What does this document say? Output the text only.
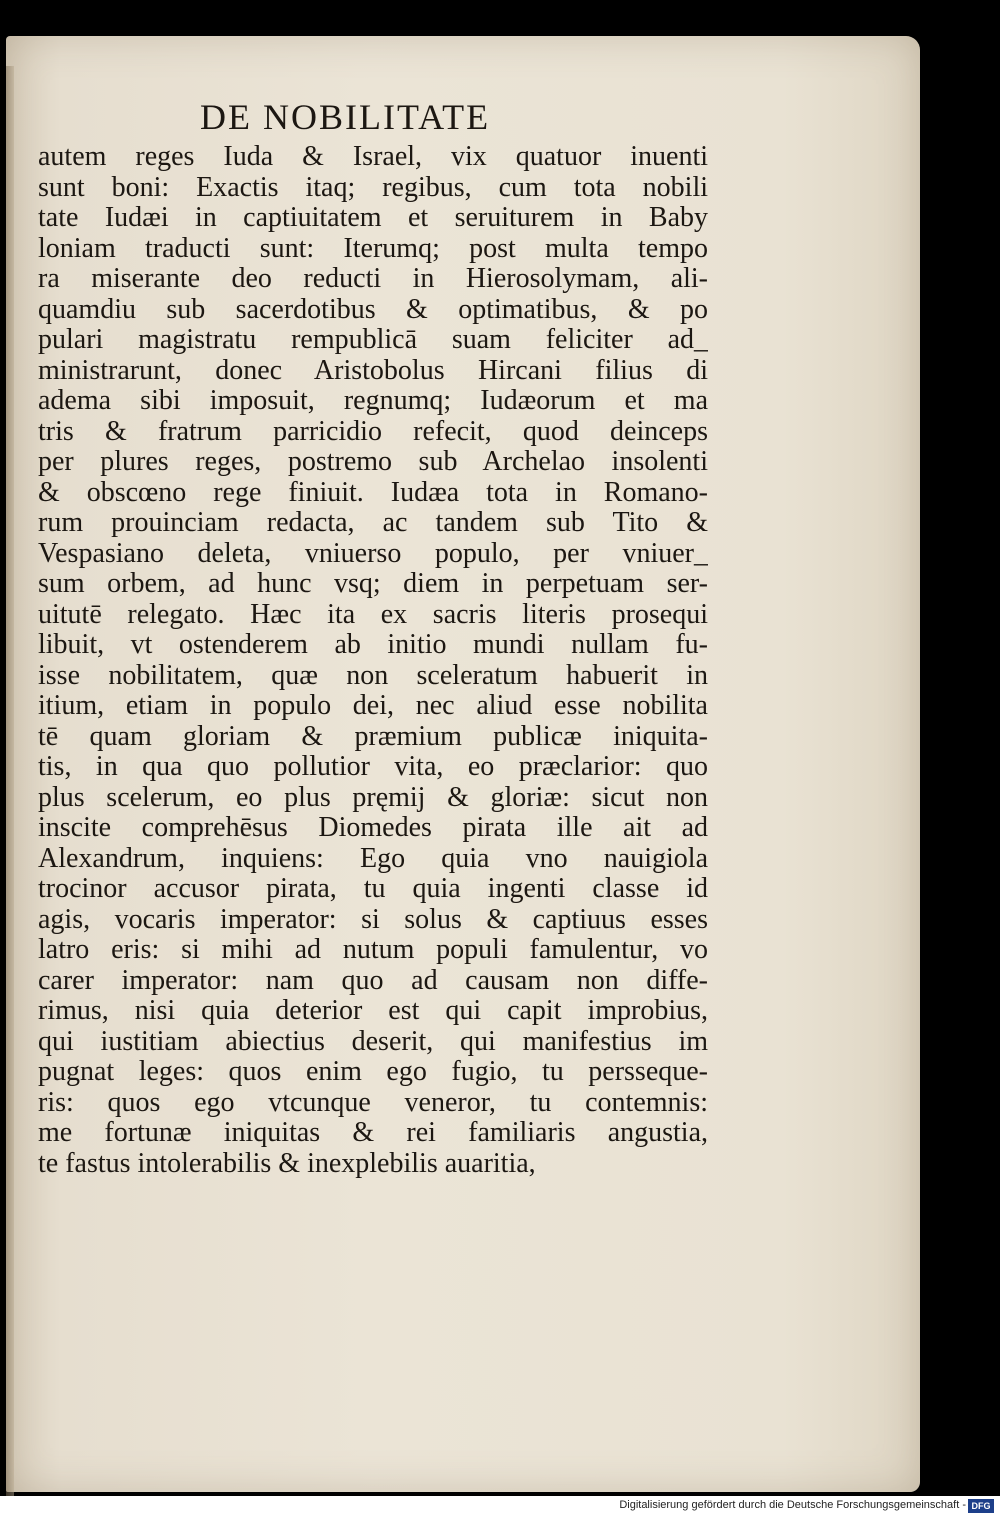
DE NOBILITATE
autem reges Iuda & Israel, vix quatuor inuenti
sunt boni: Exactis itaq; regibus, cum tota nobili
tate Iudæi in captiuitatem et seruiturem in Baby
loniam traducti sunt: Iterumq; post multa tempo
ra miserante deo reducti in Hierosolymam, ali-
quamdiu sub sacerdotibus & optimatibus, & po
pulari magistratu rempublicā suam feliciter ad_
ministrarunt, donec Aristobolus Hircani filius di
adema sibi imposuit, regnumq; Iudæorum et ma
tris & fratrum parricidio refecit, quod deinceps
per plures reges, postremo sub Archelao insolenti
& obscœno rege finiuit. Iudæa tota in Romano-
rum prouinciam redacta, ac tandem sub Tito &
Vespasiano deleta, vniuerso populo, per vniuer_
sum orbem, ad hunc vsq; diem in perpetuam ser-
uitutē relegato. Hæc ita ex sacris literis prosequi
libuit, vt ostenderem ab initio mundi nullam fu-
isse nobilitatem, quæ non sceleratum habuerit in
itium, etiam in populo dei, nec aliud esse nobilita
tē quam gloriam & præmium publicæ iniquita-
tis, in qua quo pollutior vita, eo præclarior: quo
plus scelerum, eo plus pręmij & gloriæ: sicut non
inscite comprehēsus Diomedes pirata ille ait ad
Alexandrum, inquiens: Ego quia vno nauigiola
trocinor accusor pirata, tu quia ingenti classe id
agis, vocaris imperator: si solus & captiuus esses
latro eris: si mihi ad nutum populi famulentur, vo
carer imperator: nam quo ad causam non diffe-
rimus, nisi quia deterior est qui capit improbius,
qui iustitiam abiectius deserit, qui manifestius im
pugnat leges: quos enim ego fugio, tu persseque-
ris: quos ego vtcunque veneror, tu contemnis:
me fortunæ iniquitas & rei familiaris angustia,
te fastus intolerabilis & inexplebilis auaritia,
Digitalisierung gefördert durch die Deutsche Forschungsgemeinschaft - DFG
